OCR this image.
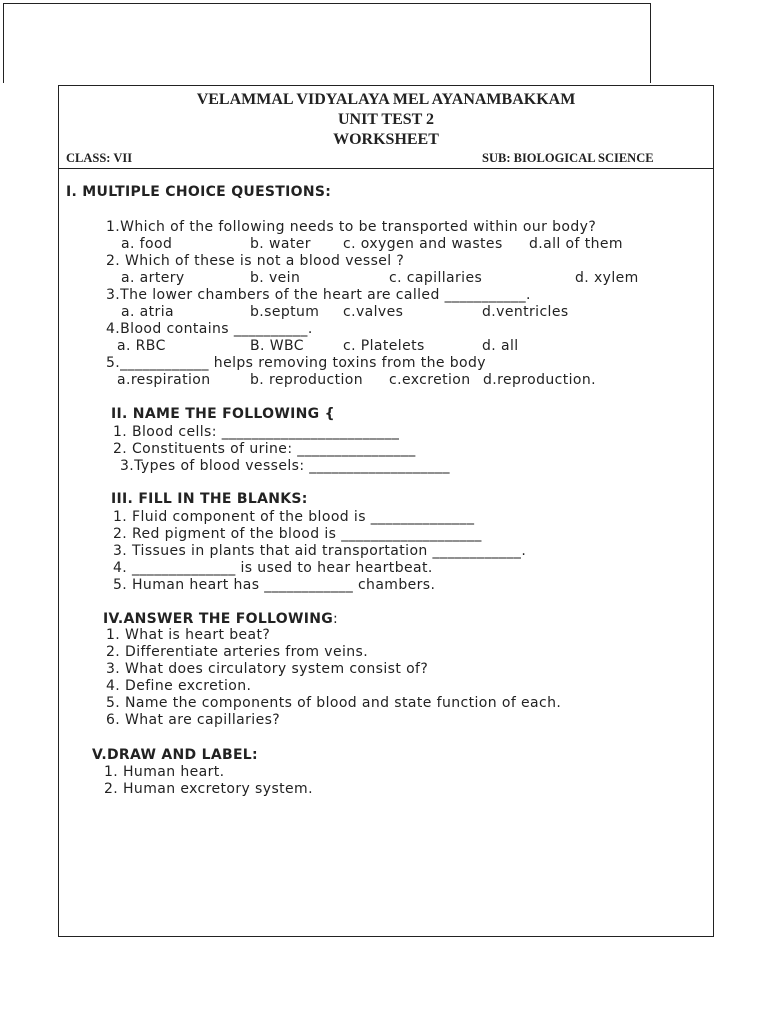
VELAMMAL VIDYALAYA MEL AYANAMBAKKAM
UNIT TEST 2
WORKSHEET
CLASS: VII	SUB: BIOLOGICAL SCIENCE
I. MULTIPLE CHOICE QUESTIONS:
1.Which of the following needs to be transported within our body?
a. food	b. water c. oxygen and wastes d.all of them
2. Which of these is not a blood vessel ?
a. artery	b. vein	c. capillaries	d. xylem
3.The lower chambers of the heart are called ___________.
a. atria	b.septum c.valves	d.ventricles
4.Blood contains __________.
a. RBC	B. WBC	c. Platelets	d. all
5.____________ helps removing toxins from the body
a.respiration	b. reproduction c.excretion d.reproduction.
II. NAME THE FOLLOWING {
1. Blood cells: ________________________
2. Constituents of urine: ________________
3.Types of blood vessels: ___________________
III. FILL IN THE BLANKS:
1. Fluid component of the blood is ______________
2. Red pigment of the blood is ___________________
3. Tissues in plants that aid transportation ____________.
4. ______________ is used to hear heartbeat.
5. Human heart has ____________ chambers.
IV.ANSWER THE FOLLOWING:
1. What is heart beat?
2. Differentiate arteries from veins.
3. What does circulatory system consist of?
4. Define excretion.
5. Name the components of blood and state function of each.
6. What are capillaries?
V.DRAW AND LABEL:
1. Human heart.
2. Human excretory system.
